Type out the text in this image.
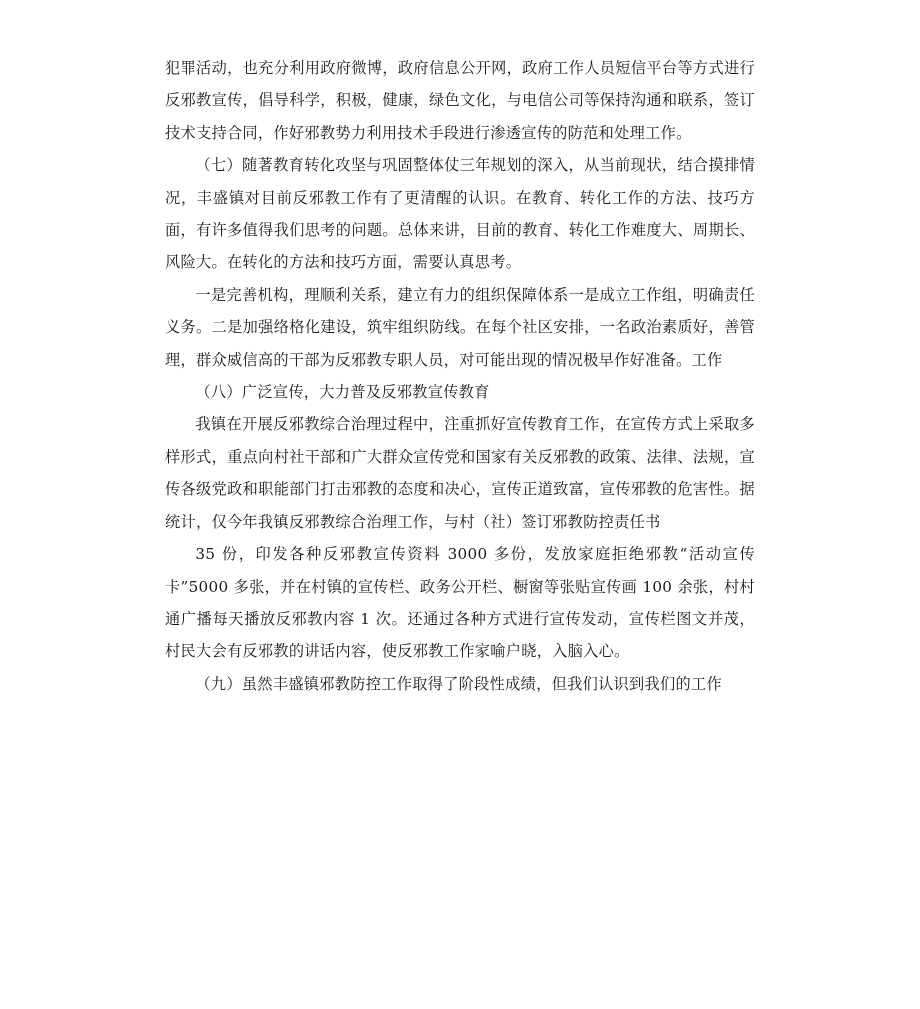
犯罪活动，也充分利用政府微博，政府信息公开网，政府工作人员短信平台等方式进行反邪教宣传，倡导科学，积极，健康，绿色文化，与电信公司等保持沟通和联系，签订技术支持合同，作好邪教势力利用技术手段进行渗透宣传的防范和处理工作。

（七）随著教育转化攻坚与巩固整体仗三年规划的深入，从当前现状，结合摸排情况，丰盛镇对目前反邪教工作有了更清醒的认识。在教育、转化工作的方法、技巧方面，有许多值得我们思考的问题。总体来讲，目前的教育、转化工作难度大、周期长、风险大。在转化的方法和技巧方面，需要认真思考。

一是完善机构，理顺利关系，建立有力的组织保障体系一是成立工作组，明确责任义务。二是加强络格化建设，筑牢组织防线。在每个社区安排，一名政治素质好，善管理，群众威信高的干部为反邪教专职人员，对可能出现的情况极早作好准备。工作

（八）广泛宣传，大力普及反邪教宣传教育

我镇在开展反邪教综合治理过程中，注重抓好宣传教育工作，在宣传方式上采取多样形式，重点向村社干部和广大群众宣传党和国家有关反邪教的政策、法律、法规，宣传各级党政和职能部门打击邪教的态度和决心，宣传正道致富，宣传邪教的危害性。据统计，仅今年我镇反邪教综合治理工作，与村（社）签订邪教防控责任书

35 份，印发各种反邪教宣传资料 3000 多份，发放家庭拒绝邪教“活动宣传卡”5000 多张，并在村镇的宣传栏、政务公开栏、橱窗等张贴宣传画 100 余张，村村通广播每天播放反邪教内容 1 次。还通过各种方式进行宣传发动，宣传栏图文并茂，村民大会有反邪教的讲话内容，使反邪教工作家喻户晓，入脑入心。

（九）虽然丰盛镇邪教防控工作取得了阶段性成绩，但我们认识到我们的工作
